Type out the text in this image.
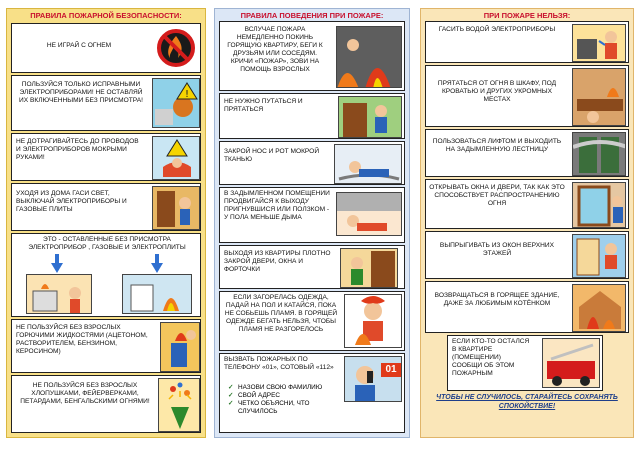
ПРАВИЛА ПОЖАРНОЙ БЕЗОПАСНОСТИ:
НЕ ИГРАЙ С ОГНЕМ
ПОЛЬЗУЙСЯ ТОЛЬКО ИСПРАВНЫМИ ЭЛЕКТРОПРИБОРАМИ! НЕ ОСТАВЛЯЙ ИХ ВКЛЮЧЕННЫМИ БЕЗ ПРИСМОТРА!
!
НЕ ДОТРАГИВАЙТЕСЬ ДО ПРОВОДОВ И ЭЛЕКТРОПРИБОРОВ МОКРЫМИ РУКАМИ!
УХОДЯ ИЗ ДОМА ГАСИ СВЕТ, ВЫКЛЮЧАЙ ЭЛЕКТРОПРИБОРЫ И ГАЗОВЫЕ ПЛИТЫ
ЭТО - ОСТАВЛЕННЫЕ БЕЗ ПРИСМОТРА ЭЛЕКТРОПРИБОР , ГАЗОВЫЕ И ЭЛЕКТРОПЛИТЫ
НЕ ПОЛЬЗУЙСЯ БЕЗ ВЗРОСЛЫХ ГОРЮЧИМИ ЖИДКОСТЯМИ (АЦЕТОНОМ, РАСТВОРИТЕЛЕМ, БЕНЗИНОМ, КЕРОСИНОМ)
НЕ ПОЛЬЗУЙСЯ БЕЗ ВЗРОСЛЫХ ХЛОПУШКАМИ, ФЕЙЕРВЕРКАМИ, ПЕТАРДАМИ, БЕНГАЛЬСКИМИ ОГНЯМИ!
ПРАВИЛА ПОВЕДЕНИЯ ПРИ ПОЖАРЕ:
ВСЛУЧАЕ ПОЖАРА НЕМЕДЛЕННО ПОКИНЬ ГОРЯЩУЮ КВАРТИРУ, БЕГИ К ДРУЗЬЯМ ИЛИ СОСЕДЯМ. КРИЧИ «ПОЖАР», ЗОВИ НА ПОМОЩЬ ВЗРОСЛЫХ
НЕ НУЖНО ПУТАТЬСЯ И ПРЯТАТЬСЯ
ЗАКРОЙ НОС И РОТ МОКРОЙ ТКАНЬЮ
В ЗАДЫМЛЕННОМ ПОМЕЩЕНИИ ПРОДВИГАЙСЯ К ВЫХОДУ ПРИГНУВШИСЯ ИЛИ ПОЛЗКОМ - У ПОЛА МЕНЬШЕ ДЫМА
ВЫХОДЯ ИЗ КВАРТИРЫ ПЛОТНО ЗАКРОЙ ДВЕРИ, ОКНА И ФОРТОЧКИ
ЕСЛИ ЗАГОРЕЛАСЬ ОДЕЖДА, ПАДАЙ НА ПОЛ И КАТАЙСЯ, ПОКА НЕ СОБЬЕШЬ ПЛАМЯ. В ГОРЯЩЕЙ ОДЕЖДЕ БЕГАТЬ НЕЛЬЗЯ, ЧТОБЫ ПЛАМЯ НЕ РАЗГОРЕЛОСЬ
ВЫЗВАТЬ ПОЖАРНЫХ ПО ТЕЛЕФОНУ «01», СОТОВЫЙ «112»
✓ НАЗОВИ СВОЮ ФАМИЛИЮ
✓ СВОЙ АДРЕС
✓ ЧЕТКО ОБЪЯСНИ, ЧТО СЛУЧИЛОСЬ
01
ПРИ ПОЖАРЕ НЕЛЬЗЯ:
ГАСИТЬ ВОДОЙ ЭЛЕКТРОПРИБОРЫ
ПРЯТАТЬСЯ ОТ ОГНЯ В ШКАФУ, ПОД КРОВАТЬЮ И ДРУГИХ УКРОМНЫХ МЕСТАХ
ПОЛЬЗОВАТЬСЯ ЛИФТОМ И ВЫХОДИТЬ НА ЗАДЫМЛЕННУЮ ЛЕСТНИЦУ
ОТКРЫВАТЬ ОКНА И ДВЕРИ, ТАК КАК ЭТО СПОСОБСТВУЕТ РАСПРОСТРАНЕНИЮ ОГНЯ
ВЫПРЫГИВАТЬ ИЗ ОКОН ВЕРХНИХ ЭТАЖЕЙ
ВОЗВРАЩАТЬСЯ В ГОРЯЩЕЕ ЗДАНИЕ, ДАЖЕ ЗА ЛЮБИМЫМ КОТЁНКОМ
ЕСЛИ КТО-ТО ОСТАЛСЯ В КВАРТИРЕ (ПОМЕЩЕНИИ) СООБЩИ ОБ ЭТОМ ПОЖАРНЫМ
ЧТОБЫ НЕ СЛУЧИЛОСЬ, СТАРАЙТЕСЬ СОХРАНЯТЬ СПОКОЙСТВИЕ!
